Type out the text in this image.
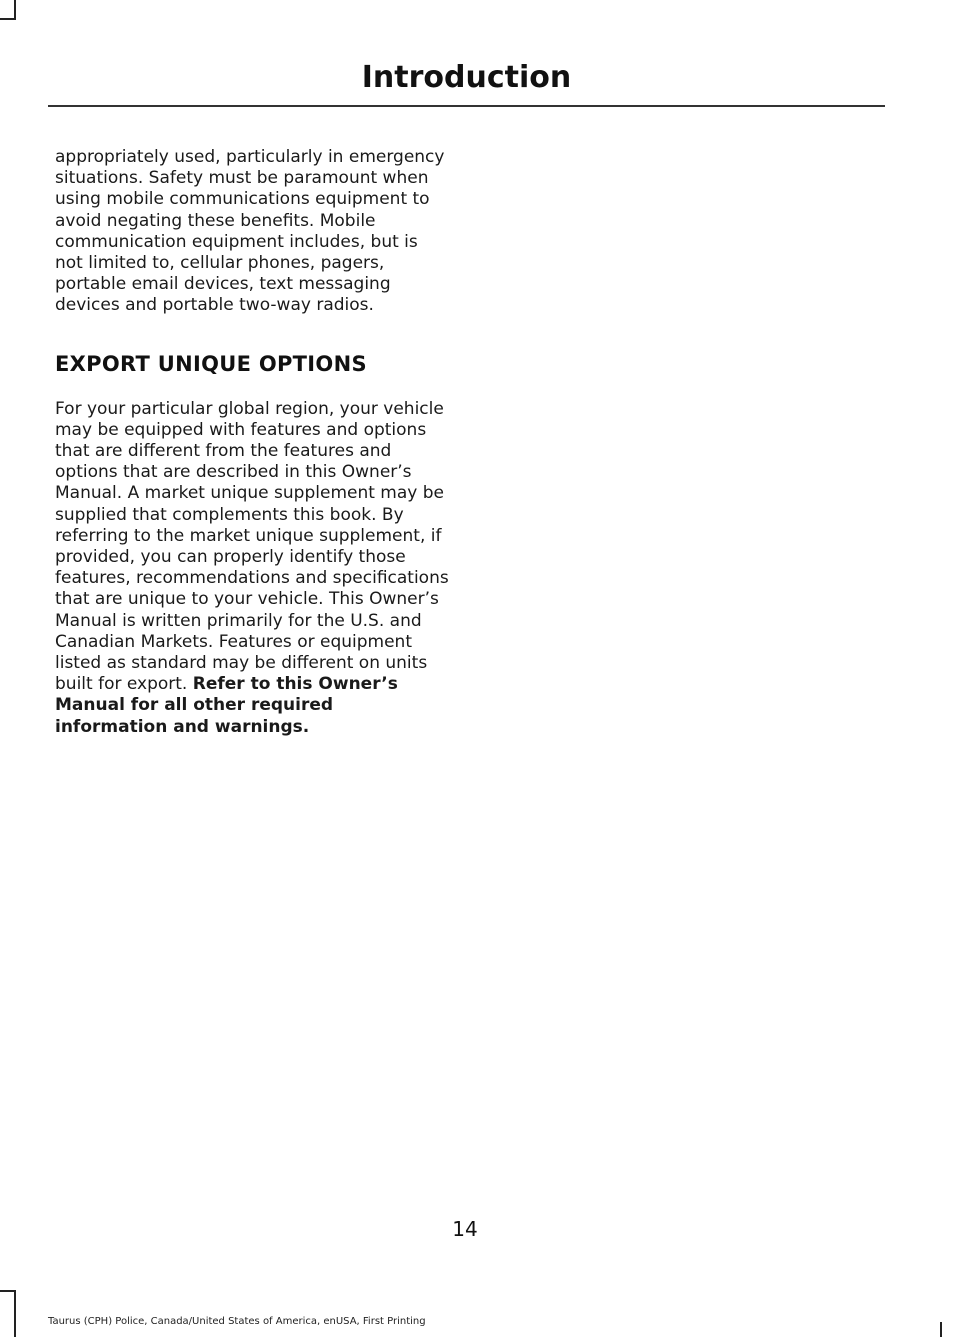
Introduction

appropriately used, particularly in emergency situations. Safety must be paramount when using mobile communications equipment to avoid negating these benefits. Mobile communication equipment includes, but is not limited to, cellular phones, pagers, portable email devices, text messaging devices and portable two-way radios.

EXPORT UNIQUE OPTIONS

For your particular global region, your vehicle may be equipped with features and options that are different from the features and options that are described in this Owner’s Manual. A market unique supplement may be supplied that complements this book. By referring to the market unique supplement, if provided, you can properly identify those features, recommendations and specifications that are unique to your vehicle. This Owner’s Manual is written primarily for the U.S. and Canadian Markets. Features or equipment listed as standard may be different on units built for export. Refer to this Owner’s Manual for all other required information and warnings.

14
Taurus (CPH) Police, Canada/United States of America, enUSA, First Printing
